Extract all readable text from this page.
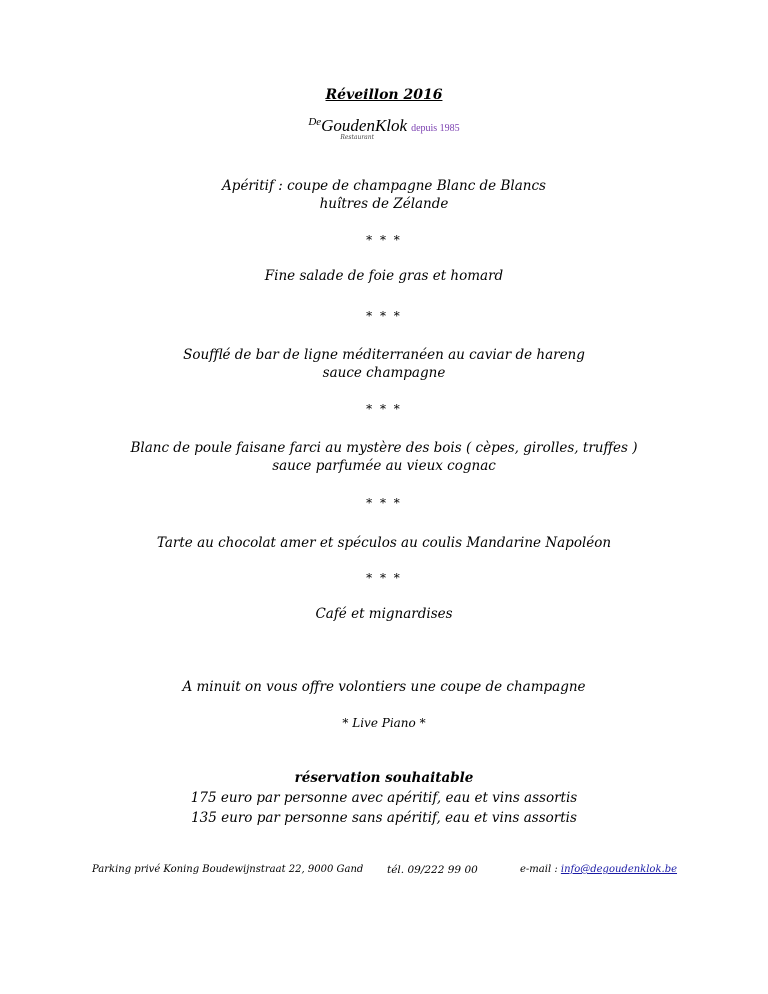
Réveillon 2016
$^{De}$GoudenKlok depuis 1985
Restaurant
Apéritif : coupe de champagne Blanc de Blancs
huîtres de Zélande
* * *
Fine salade de foie gras et homard
* * *
Soufflé de bar de ligne méditerranéen au caviar de hareng
sauce champagne
* * *
Blanc de poule faisane farci au mystère des bois ( cèpes, girolles, truffes )
sauce parfumée au vieux cognac
* * *
Tarte au chocolat amer et spéculos au coulis Mandarine Napoléon
* * *
Café et mignardises
A minuit on vous offre volontiers une coupe de champagne
* Live Piano *
réservation souhaitable
175 euro par personne avec apéritif, eau et vins assortis
135 euro par personne sans apéritif, eau et vins assortis
Parking privé Koning Boudewijnstraat 22, 9000 Gand tél. 09/222 99 00	e-mail : info@degoudenklok.be
